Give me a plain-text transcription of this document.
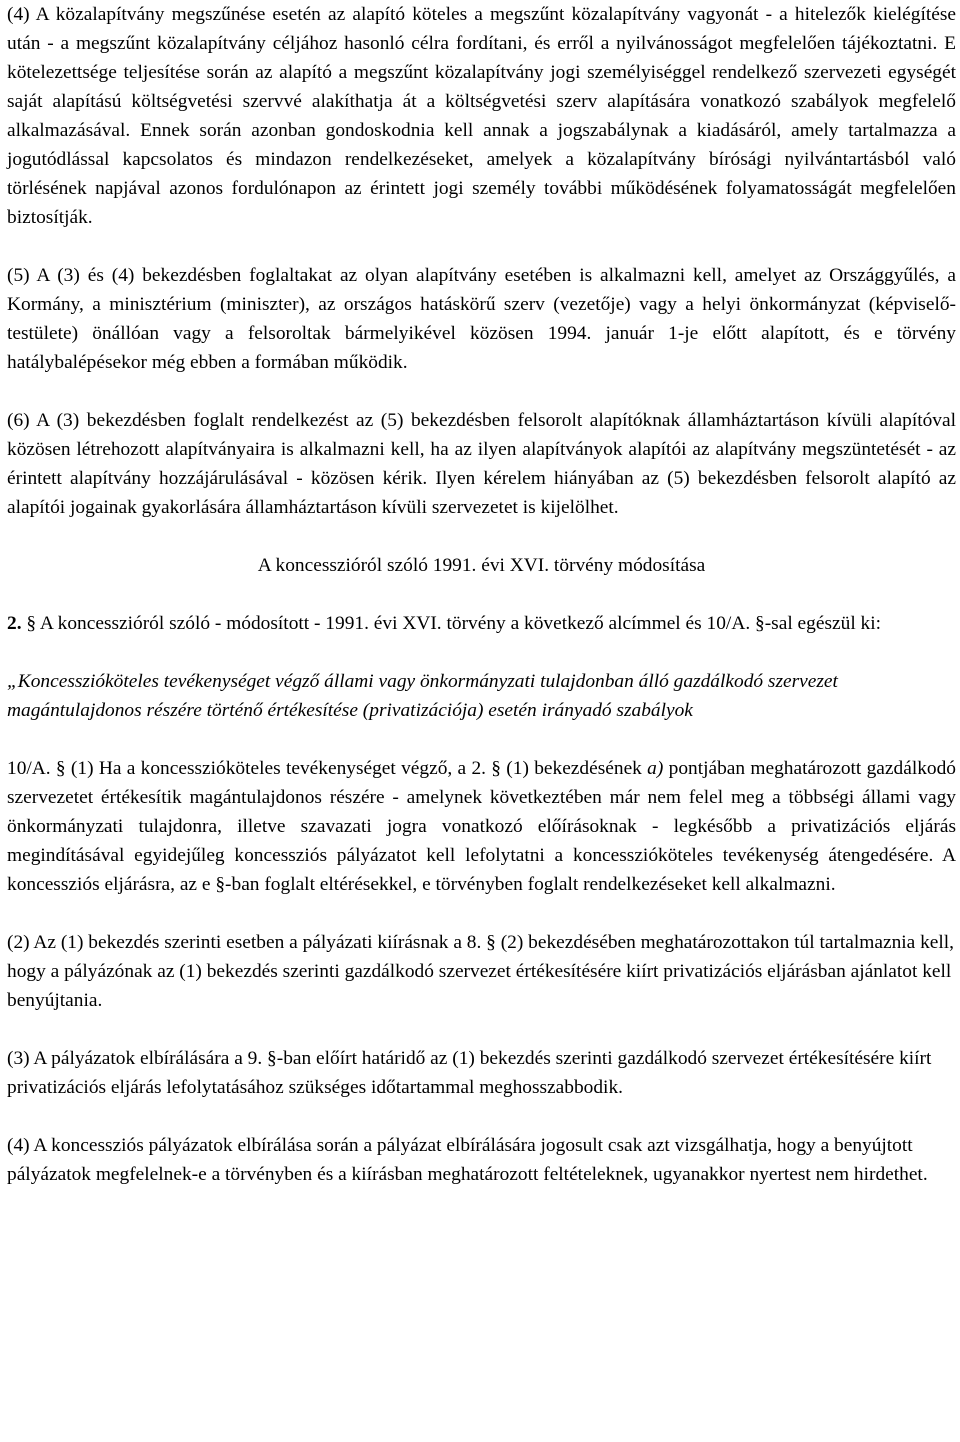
(4) A közalapítvány megszűnése esetén az alapító köteles a megszűnt közalapítvány vagyonát - a hitelezők kielégítése után - a megszűnt közalapítvány céljához hasonló célra fordítani, és erről a nyilvánosságot megfelelően tájékoztatni. E kötelezettsége teljesítése során az alapító a megszűnt közalapítvány jogi személyiséggel rendelkező szervezeti egységét saját alapítású költségvetési szervvé alakíthatja át a költségvetési szerv alapítására vonatkozó szabályok megfelelő alkalmazásával. Ennek során azonban gondoskodnia kell annak a jogszabálynak a kiadásáról, amely tartalmazza a jogutódlással kapcsolatos és mindazon rendelkezéseket, amelyek a közalapítvány bírósági nyilvántartásból való törlésének napjával azonos fordulónapon az érintett jogi személy további működésének folyamatosságát megfelelően biztosítják.

(5) A (3) és (4) bekezdésben foglaltakat az olyan alapítvány esetében is alkalmazni kell, amelyet az Országgyűlés, a Kormány, a minisztérium (miniszter), az országos hatáskörű szerv (vezetője) vagy a helyi önkormányzat (képviselő-testülete) önállóan vagy a felsoroltak bármelyikével közösen 1994. január 1-je előtt alapított, és e törvény hatálybalépésekor még ebben a formában működik.

(6) A (3) bekezdésben foglalt rendelkezést az (5) bekezdésben felsorolt alapítóknak államháztartáson kívüli alapítóval közösen létrehozott alapítványaira is alkalmazni kell, ha az ilyen alapítványok alapítói az alapítvány megszüntetését - az érintett alapítvány hozzájárulásával - közösen kérik. Ilyen kérelem hiányában az (5) bekezdésben felsorolt alapító az alapítói jogainak gyakorlására államháztartáson kívüli szervezetet is kijelölhet.

A koncesszióról szóló 1991. évi XVI. törvény módosítása

2. § A koncesszióról szóló - módosított - 1991. évi XVI. törvény a következő alcímmel és 10/A. §-sal egészül ki:

„Koncesszióköteles tevékenységet végző állami vagy önkormányzati tulajdonban álló gazdálkodó szervezet magántulajdonos részére történő értékesítése (privatizációja) esetén irányadó szabályok

10/A. § (1) Ha a koncesszióköteles tevékenységet végző, a 2. § (1) bekezdésének a) pontjában meghatározott gazdálkodó szervezetet értékesítik magántulajdonos részére - amelynek következtében már nem felel meg a többségi állami vagy önkormányzati tulajdonra, illetve szavazati jogra vonatkozó előírásoknak - legkésőbb a privatizációs eljárás megindításával egyidejűleg koncessziós pályázatot kell lefolytatni a koncesszióköteles tevékenység átengedésére. A koncessziós eljárásra, az e §-ban foglalt eltérésekkel, e törvényben foglalt rendelkezéseket kell alkalmazni.

(2) Az (1) bekezdés szerinti esetben a pályázati kiírásnak a 8. § (2) bekezdésében meghatározottakon túl tartalmaznia kell, hogy a pályázónak az (1) bekezdés szerinti gazdálkodó szervezet értékesítésére kiírt privatizációs eljárásban ajánlatot kell benyújtania.

(3) A pályázatok elbírálására a 9. §-ban előírt határidő az (1) bekezdés szerinti gazdálkodó szervezet értékesítésére kiírt privatizációs eljárás lefolytatásához szükséges időtartammal meghosszabbodik.

(4) A koncessziós pályázatok elbírálása során a pályázat elbírálására jogosult csak azt vizsgálhatja, hogy a benyújtott pályázatok megfelelnek-e a törvényben és a kiírásban meghatározott feltételeknek, ugyanakkor nyertest nem hirdethet.
